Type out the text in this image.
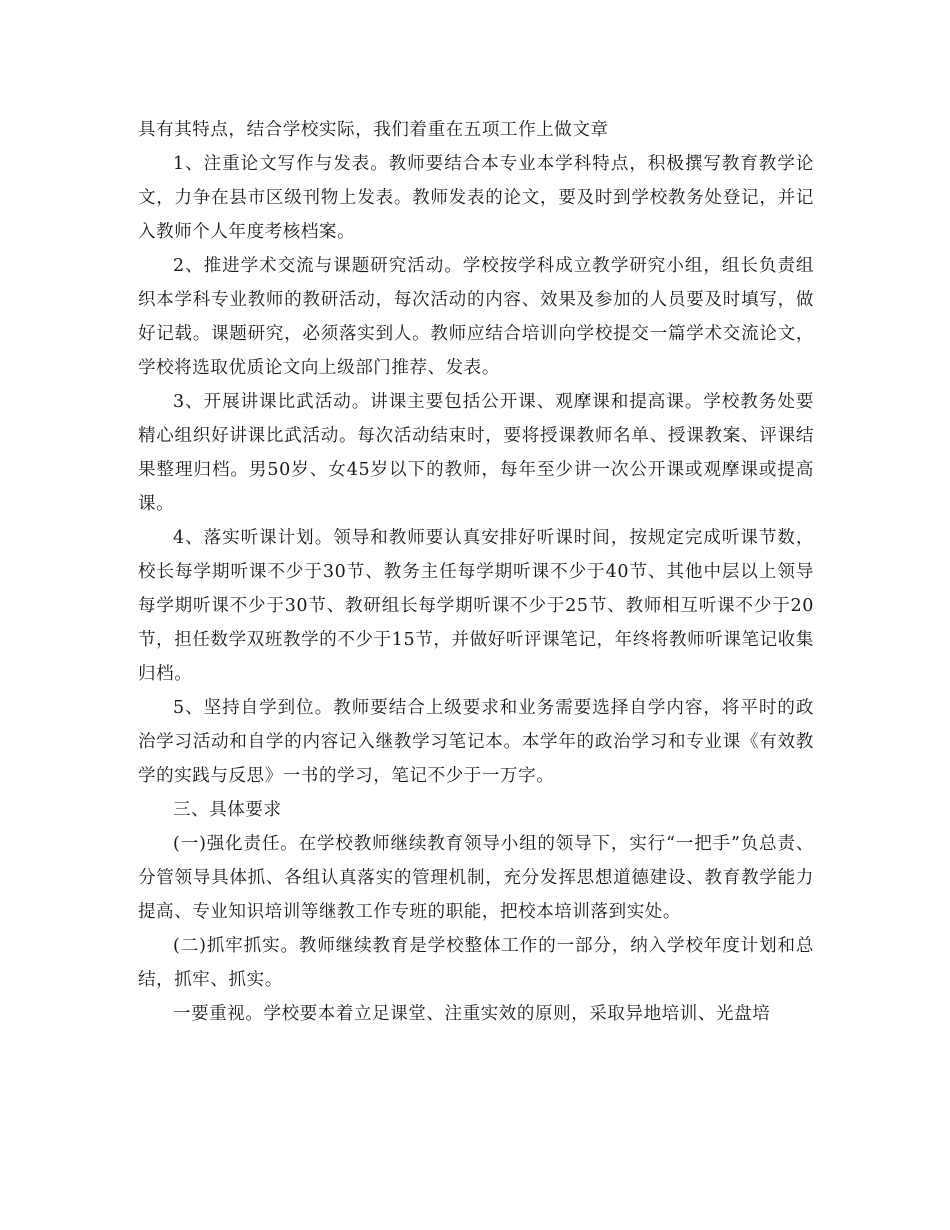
具有其特点，结合学校实际，我们着重在五项工作上做文章

1、注重论文写作与发表。教师要结合本专业本学科特点，积极撰写教育教学论文，力争在县市区级刊物上发表。教师发表的论文，要及时到学校教务处登记，并记入教师个人年度考核档案。

2、推进学术交流与课题研究活动。学校按学科成立教学研究小组，组长负责组织本学科专业教师的教研活动，每次活动的内容、效果及参加的人员要及时填写，做好记载。课题研究，必须落实到人。教师应结合培训向学校提交一篇学术交流论文，学校将选取优质论文向上级部门推荐、发表。

3、开展讲课比武活动。讲课主要包括公开课、观摩课和提高课。学校教务处要精心组织好讲课比武活动。每次活动结束时，要将授课教师名单、授课教案、评课结果整理归档。男50岁、女45岁以下的教师，每年至少讲一次公开课或观摩课或提高课。

4、落实听课计划。领导和教师要认真安排好听课时间，按规定完成听课节数，校长每学期听课不少于30节、教务主任每学期听课不少于40节、其他中层以上领导每学期听课不少于30节、教研组长每学期听课不少于25节、教师相互听课不少于20节，担任数学双班教学的不少于15节，并做好听评课笔记，年终将教师听课笔记收集归档。

5、坚持自学到位。教师要结合上级要求和业务需要选择自学内容，将平时的政治学习活动和自学的内容记入继教学习笔记本。本学年的政治学习和专业课《有效教学的实践与反思》一书的学习，笔记不少于一万字。

三、具体要求

(一)强化责任。在学校教师继续教育领导小组的领导下，实行“一把手”负总责、分管领导具体抓、各组认真落实的管理机制，充分发挥思想道德建设、教育教学能力提高、专业知识培训等继教工作专班的职能，把校本培训落到实处。

(二)抓牢抓实。教师继续教育是学校整体工作的一部分，纳入学校年度计划和总结，抓牢、抓实。

一要重视。学校要本着立足课堂、注重实效的原则，采取异地培训、光盘培
